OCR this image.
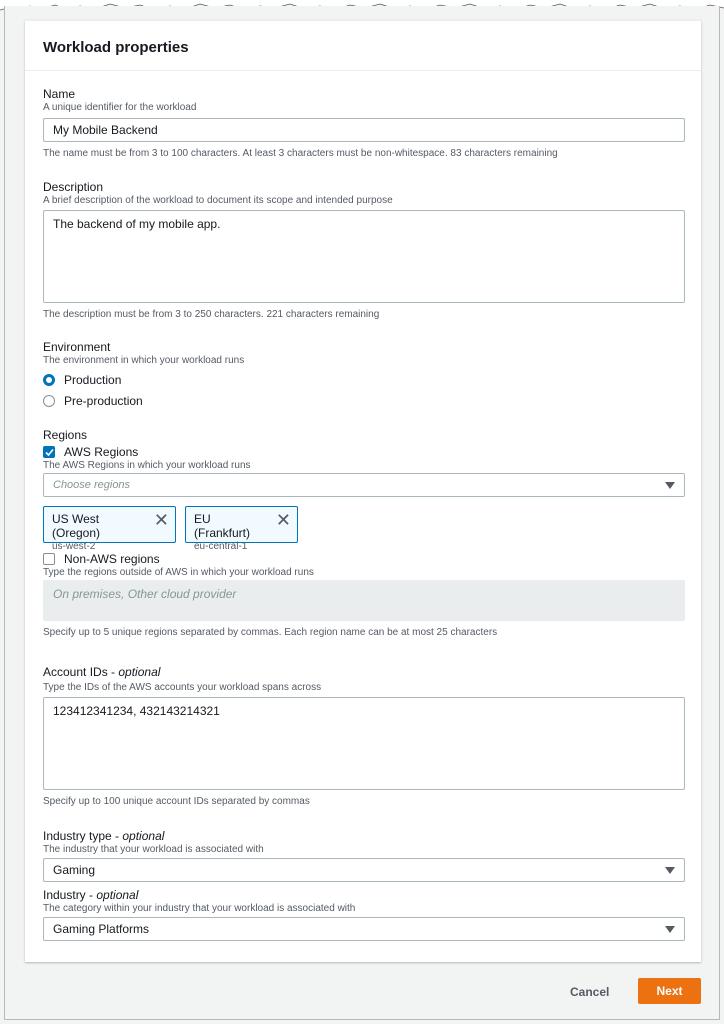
Workload properties
Name
A unique identifier for the workload
My Mobile Backend
The name must be from 3 to 100 characters. At least 3 characters must be non-whitespace. 83 characters remaining
Description
A brief description of the workload to document its scope and intended purpose
The backend of my mobile app.
The description must be from 3 to 250 characters. 221 characters remaining
Environment
The environment in which your workload runs
Production
Pre-production
Regions
AWS Regions
The AWS Regions in which your workload runs
Choose regions
US West (Oregon)
us-west-2
✕ EU (Frankfurt)
eu-central-1
✕
Non-AWS regions
Type the regions outside of AWS in which your workload runs
On premises, Other cloud provider
Specify up to 5 unique regions separated by commas. Each region name can be at most 25 characters
Account IDs - optional
Type the IDs of the AWS accounts your workload spans across
123412341234, 432143214321
Specify up to 100 unique account IDs separated by commas
Industry type - optional
The industry that your workload is associated with
Gaming
Industry - optional
The category within your industry that your workload is associated with
Gaming Platforms
Cancel	Next
